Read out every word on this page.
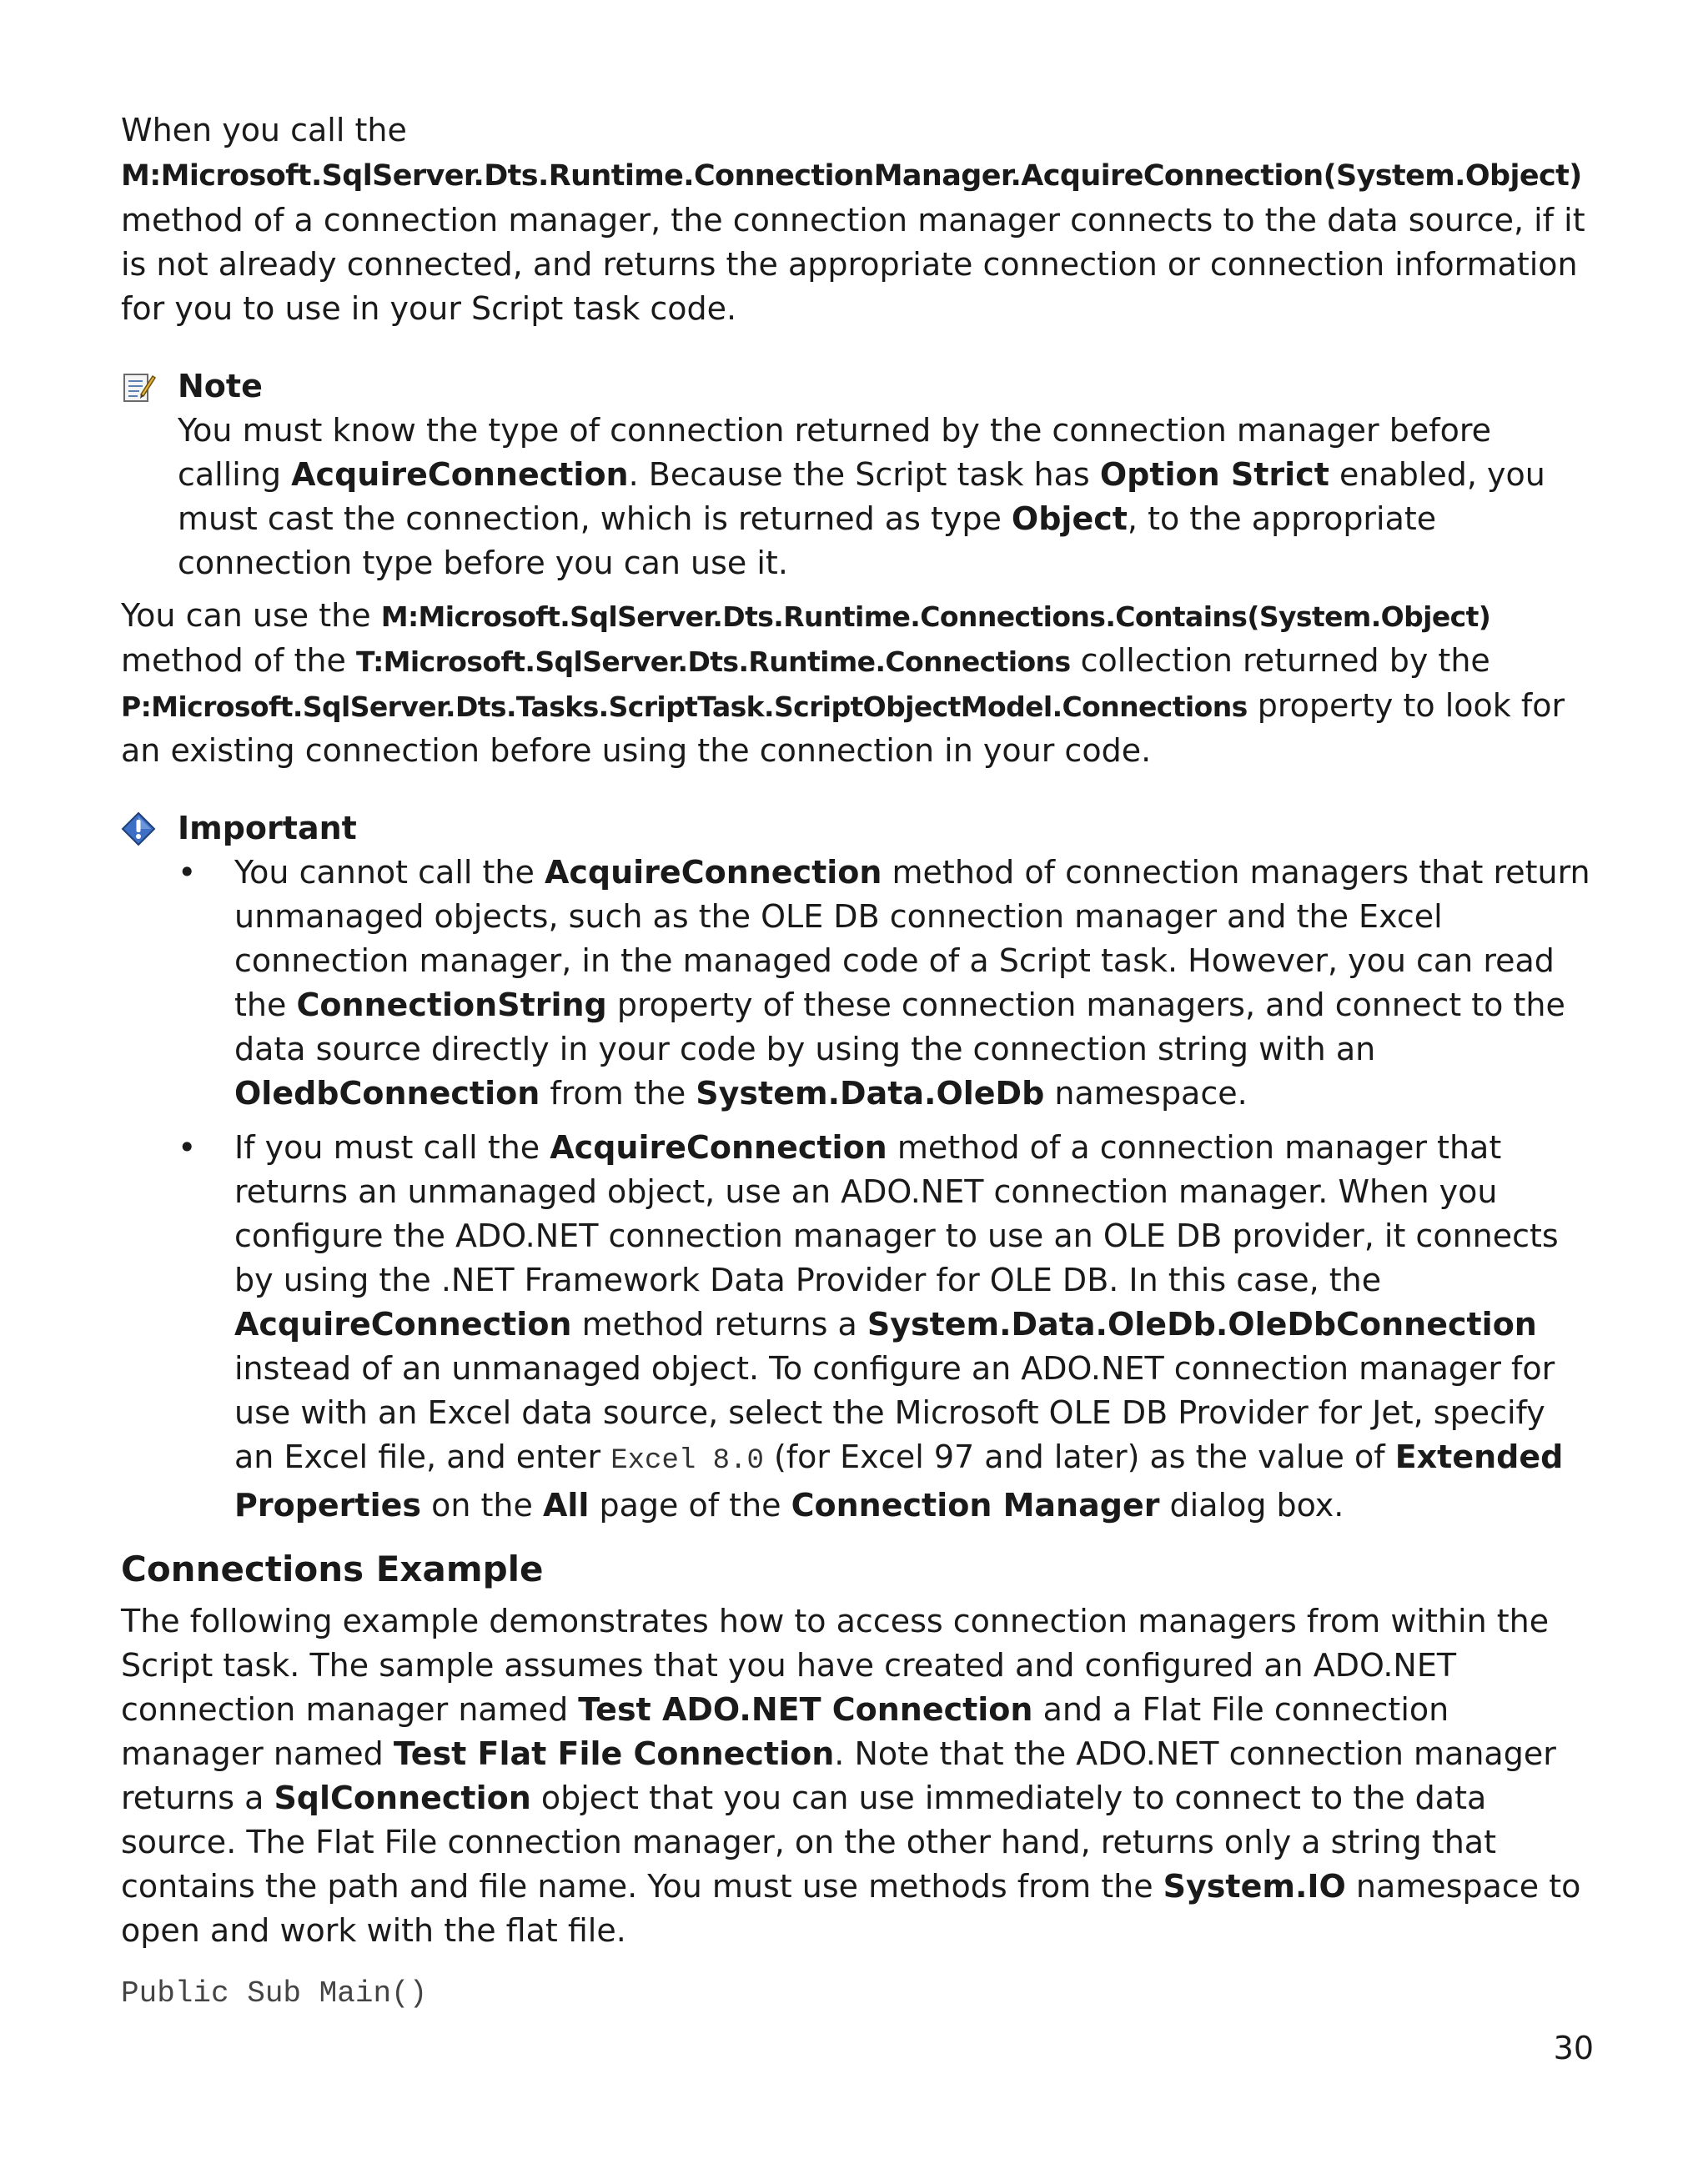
When you call the
M:Microsoft.SqlServer.Dts.Runtime.ConnectionManager.AcquireConnection(System.Object)
method of a connection manager, the connection manager connects to the data source, if it is not already connected, and returns the appropriate connection or connection information for you to use in your Script task code.

Note
You must know the type of connection returned by the connection manager before calling AcquireConnection. Because the Script task has Option Strict enabled, you must cast the connection, which is returned as type Object, to the appropriate connection type before you can use it.

You can use the M:Microsoft.SqlServer.Dts.Runtime.Connections.Contains(System.Object) method of the T:Microsoft.SqlServer.Dts.Runtime.Connections collection returned by the
P:Microsoft.SqlServer.Dts.Tasks.ScriptTask.ScriptObjectModel.Connections property to look for an existing connection before using the connection in your code.

Important
•	You cannot call the AcquireConnection method of connection managers that return unmanaged objects, such as the OLE DB connection manager and the Excel connection manager, in the managed code of a Script task. However, you can read the ConnectionString property of these connection managers, and connect to the data source directly in your code by using the connection string with an OledbConnection from the System.Data.OleDb namespace.
•	If you must call the AcquireConnection method of a connection manager that returns an unmanaged object, use an ADO.NET connection manager. When you configure the ADO.NET connection manager to use an OLE DB provider, it connects by using the .NET Framework Data Provider for OLE DB. In this case, the AcquireConnection method returns a System.Data.OleDb.OleDbConnection instead of an unmanaged object. To configure an ADO.NET connection manager for use with an Excel data source, select the Microsoft OLE DB Provider for Jet, specify an Excel file, and enter Excel 8.0 (for Excel 97 and later) as the value of Extended Properties on the All page of the Connection Manager dialog box.
Connections Example

The following example demonstrates how to access connection managers from within the Script task. The sample assumes that you have created and configured an ADO.NET connection manager named Test ADO.NET Connection and a Flat File connection manager named Test Flat File Connection. Note that the ADO.NET connection manager returns a SqlConnection object that you can use immediately to connect to the data source. The Flat File connection manager, on the other hand, returns only a string that contains the path and file name. You must use methods from the System.IO namespace to open and work with the flat file.

Public Sub Main()
30
